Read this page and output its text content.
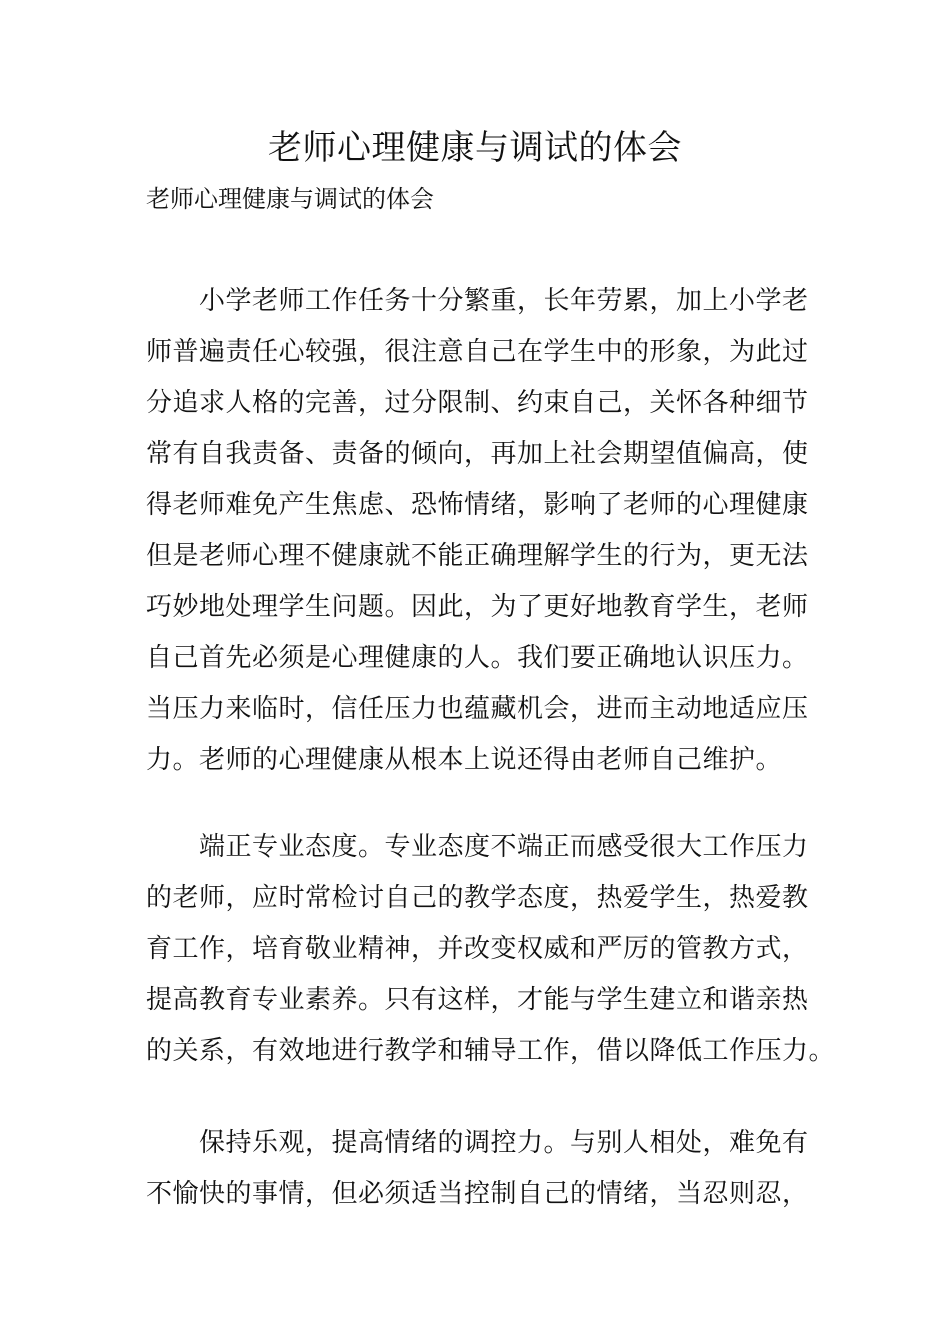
老师心理健康与调试的体会

老师心理健康与调试的体会

　　小学老师工作任务十分繁重，长年劳累，加上小学老
师普遍责任心较强，很注意自己在学生中的形象，为此过
分追求人格的完善，过分限制、约束自己，关怀各种细节
常有自我责备、责备的倾向，再加上社会期望值偏高，使
得老师难免产生焦虑、恐怖情绪，影响了老师的心理健康
但是老师心理不健康就不能正确理解学生的行为，更无法
巧妙地处理学生问题。因此，为了更好地教育学生，老师
自己首先必须是心理健康的人。我们要正确地认识压力。
当压力来临时，信任压力也蕴藏机会，进而主动地适应压
力。老师的心理健康从根本上说还得由老师自己维护。
　　端正专业态度。专业态度不端正而感受很大工作压力
的老师，应时常检讨自己的教学态度，热爱学生，热爱教
育工作，培育敬业精神，并改变权威和严厉的管教方式，
提高教育专业素养。只有这样，才能与学生建立和谐亲热
的关系，有效地进行教学和辅导工作，借以降低工作压力。
　　保持乐观，提高情绪的调控力。与别人相处，难免有
不愉快的事情，但必须适当控制自己的情绪，当忍则忍，
